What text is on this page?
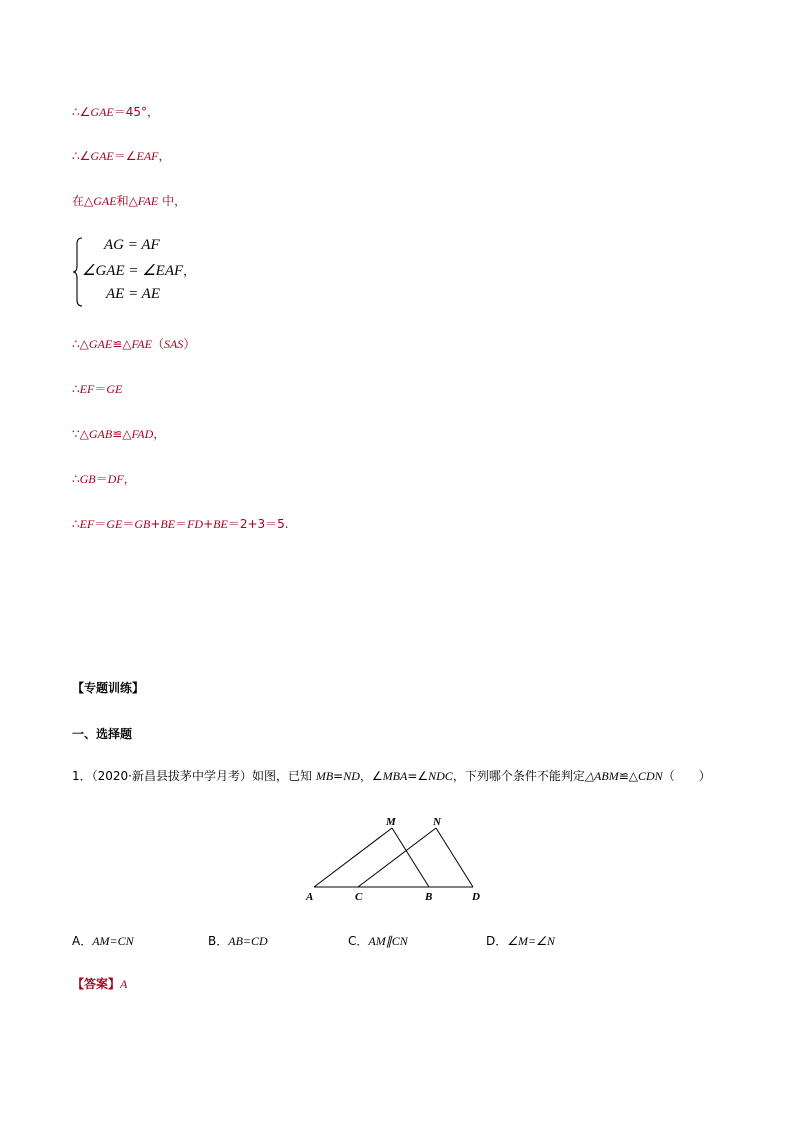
∴∠GAE＝45°，
∴∠GAE＝∠EAF，
在△GAE和△FAE 中，
AG = AF
∠GAE = ∠EAF，
AE = AE
∴△GAE≌△FAE（SAS）
∴EF＝GE
∵△GAB≌△FAD，
∴GB＝DF，
∴EF＝GE＝GB+BE＝FD+BE＝2+3＝5.
【专题训练】
一、选择题
1．（2020·新昌县拔茅中学月考）如图，已知 MB=ND，∠MBA=∠NDC，下列哪个条件不能判定△ABM≌△CDN（　　）
M	N
A	C	B	D
A．AM=CN	B．AB=CD	C．AM∥CN	D．∠M=∠N
【答案】A
